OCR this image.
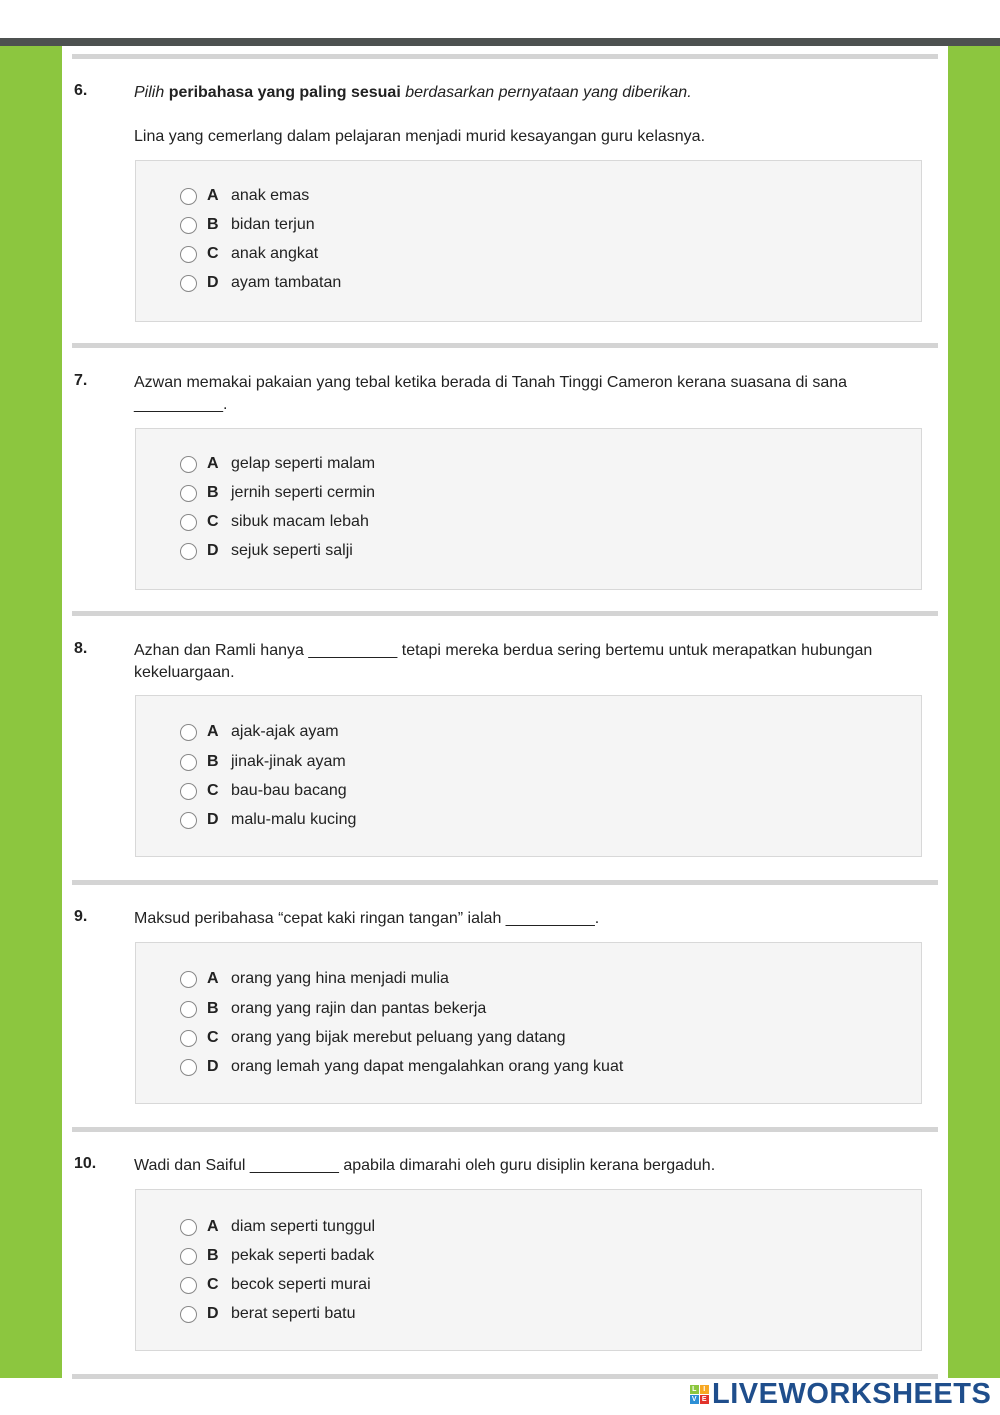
6.	Pilih peribahasa yang paling sesuai berdasarkan pernyataan yang diberikan.
Lina yang cemerlang dalam pelajaran menjadi murid kesayangan guru kelasnya.
A anak emas
B bidan terjun
C anak angkat
D ayam tambatan
7.	Azwan memakai pakaian yang tebal ketika berada di Tanah Tinggi Cameron kerana suasana di sana __________.
A gelap seperti malam
B jernih seperti cermin
C sibuk macam lebah
D sejuk seperti salji
8.	Azhan dan Ramli hanya __________ tetapi mereka berdua sering bertemu untuk merapatkan hubungan kekeluargaan.
A ajak-ajak ayam
B jinak-jinak ayam
C bau-bau bacang
D malu-malu kucing
9.	Maksud peribahasa “cepat kaki ringan tangan” ialah __________.
A orang yang hina menjadi mulia
B orang yang rajin dan pantas bekerja
C orang yang bijak merebut peluang yang datang
D orang lemah yang dapat mengalahkan orang yang kuat
10. Wadi dan Saiful __________ apabila dimarahi oleh guru disiplin kerana bergaduh.
A diam seperti tunggul
B pekak seperti badak
C becok seperti murai
D berat seperti batu
L I
V E LIVEWORKSHEETS
